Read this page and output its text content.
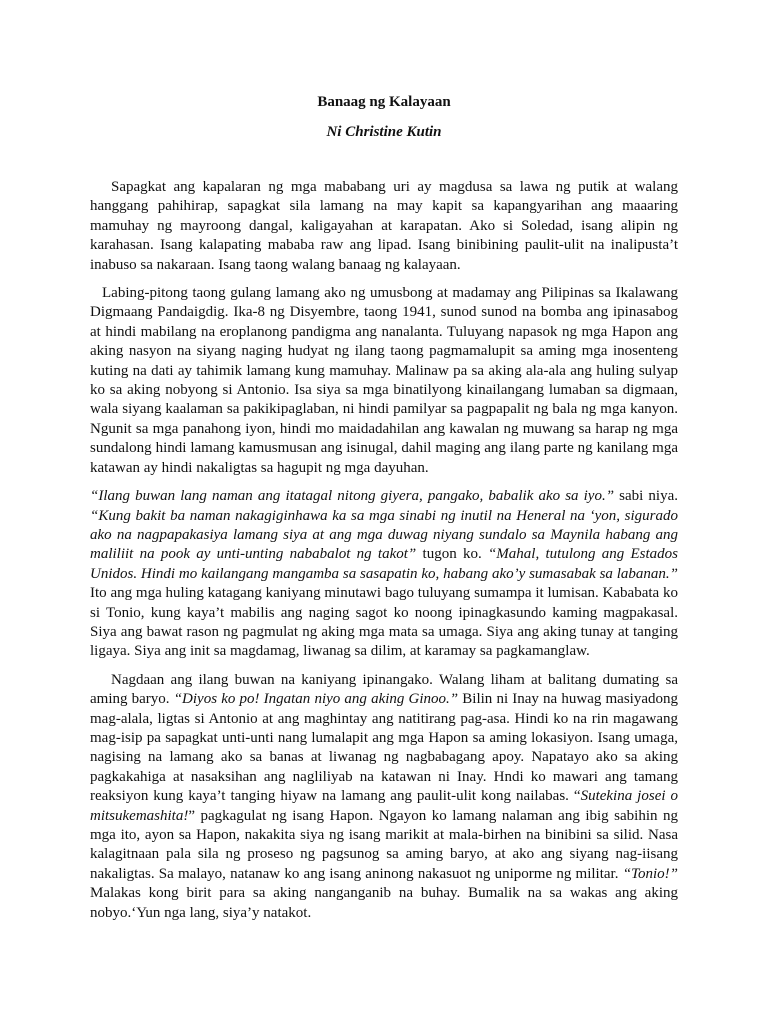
Banaag ng Kalayaan
Ni Christine Kutin

Sapagkat ang kapalaran ng mga mababang uri ay magdusa sa lawa ng putik at walang hanggang pahihirap, sapagkat sila lamang na may kapit sa kapangyarihan ang maaaring mamuhay ng mayroong dangal, kaligayahan at karapatan. Ako si Soledad, isang alipin ng karahasan. Isang kalapating mababa raw ang lipad. Isang binibining paulit-ulit na inalipusta’t inabuso sa nakaraan. Isang taong walang banaag ng kalayaan.

Labing-pitong taong gulang lamang ako ng umusbong at madamay ang Pilipinas sa Ikalawang Digmaang Pandaigdig. Ika-8 ng Disyembre, taong 1941, sunod sunod na bomba ang ipinasabog at hindi mabilang na eroplanong pandigma ang nanalanta. Tuluyang napasok ng mga Hapon ang aking nasyon na siyang naging hudyat ng ilang taong pagmamalupit sa aming mga inosenteng kuting na dati ay tahimik lamang kung mamuhay. Malinaw pa sa aking ala-ala ang huling sulyap ko sa aking nobyong si Antonio. Isa siya sa mga binatilyong kinailangang lumaban sa digmaan, wala siyang kaalaman sa pakikipaglaban, ni hindi pamilyar sa pagpapalit ng bala ng mga kanyon. Ngunit sa mga panahong iyon, hindi mo maidadahilan ang kawalan ng muwang sa harap ng mga sundalong hindi lamang kamusmusan ang isinugal, dahil maging ang ilang parte ng kanilang mga katawan ay hindi nakaligtas sa hagupit ng mga dayuhan.

“Ilang buwan lang naman ang itatagal nitong giyera, pangako, babalik ako sa iyo.” sabi niya. “Kung bakit ba naman nakagiginhawa ka sa mga sinabi ng inutil na Heneral na ‘yon, sigurado ako na nagpapakasiya lamang siya at ang mga duwag niyang sundalo sa Maynila habang ang maliliit na pook ay unti-unting nababalot ng takot” tugon ko. “Mahal, tutulong ang Estados Unidos. Hindi mo kailangang mangamba sa sasapatin ko, habang ako’y sumasabak sa labanan.” Ito ang mga huling katagang kaniyang minutawi bago tuluyang sumampa it lumisan. Kababata ko si Tonio, kung kaya’t mabilis ang naging sagot ko noong ipinagkasundo kaming magpakasal. Siya ang bawat rason ng pagmulat ng aking mga mata sa umaga. Siya ang aking tunay at tanging ligaya. Siya ang init sa magdamag, liwanag sa dilim, at karamay sa pagkamanglaw.

Nagdaan ang ilang buwan na kaniyang ipinangako. Walang liham at balitang dumating sa aming baryo. “Diyos ko po! Ingatan niyo ang aking Ginoo.” Bilin ni Inay na huwag masiyadong mag-alala, ligtas si Antonio at ang maghintay ang natitirang pag-asa. Hindi ko na rin magawang mag-isip pa sapagkat unti-unti nang lumalapit ang mga Hapon sa aming lokasiyon. Isang umaga, nagising na lamang ako sa banas at liwanag ng nagbabagang apoy. Napatayo ako sa aking pagkakahiga at nasaksihan ang nagliliyab na katawan ni Inay. Hndi ko mawari ang tamang reaksiyon kung kaya’t tanging hiyaw na lamang ang paulit-ulit kong nailabas. “Sutekina josei o mitsukemashita!” pagkagulat ng isang Hapon. Ngayon ko lamang nalaman ang ibig sabihin ng mga ito, ayon sa Hapon, nakakita siya ng isang marikit at mala-birhen na binibini sa silid. Nasa kalagitnaan pala sila ng proseso ng pagsunog sa aming baryo, at ako ang siyang nag-iisang nakaligtas. Sa malayo, natanaw ko ang isang aninong nakasuot ng uniporme ng militar. “Tonio!” Malakas kong birit para sa aking nanganganib na buhay. Bumalik na sa wakas ang aking nobyo.‘Yun nga lang, siya’y natakot.
